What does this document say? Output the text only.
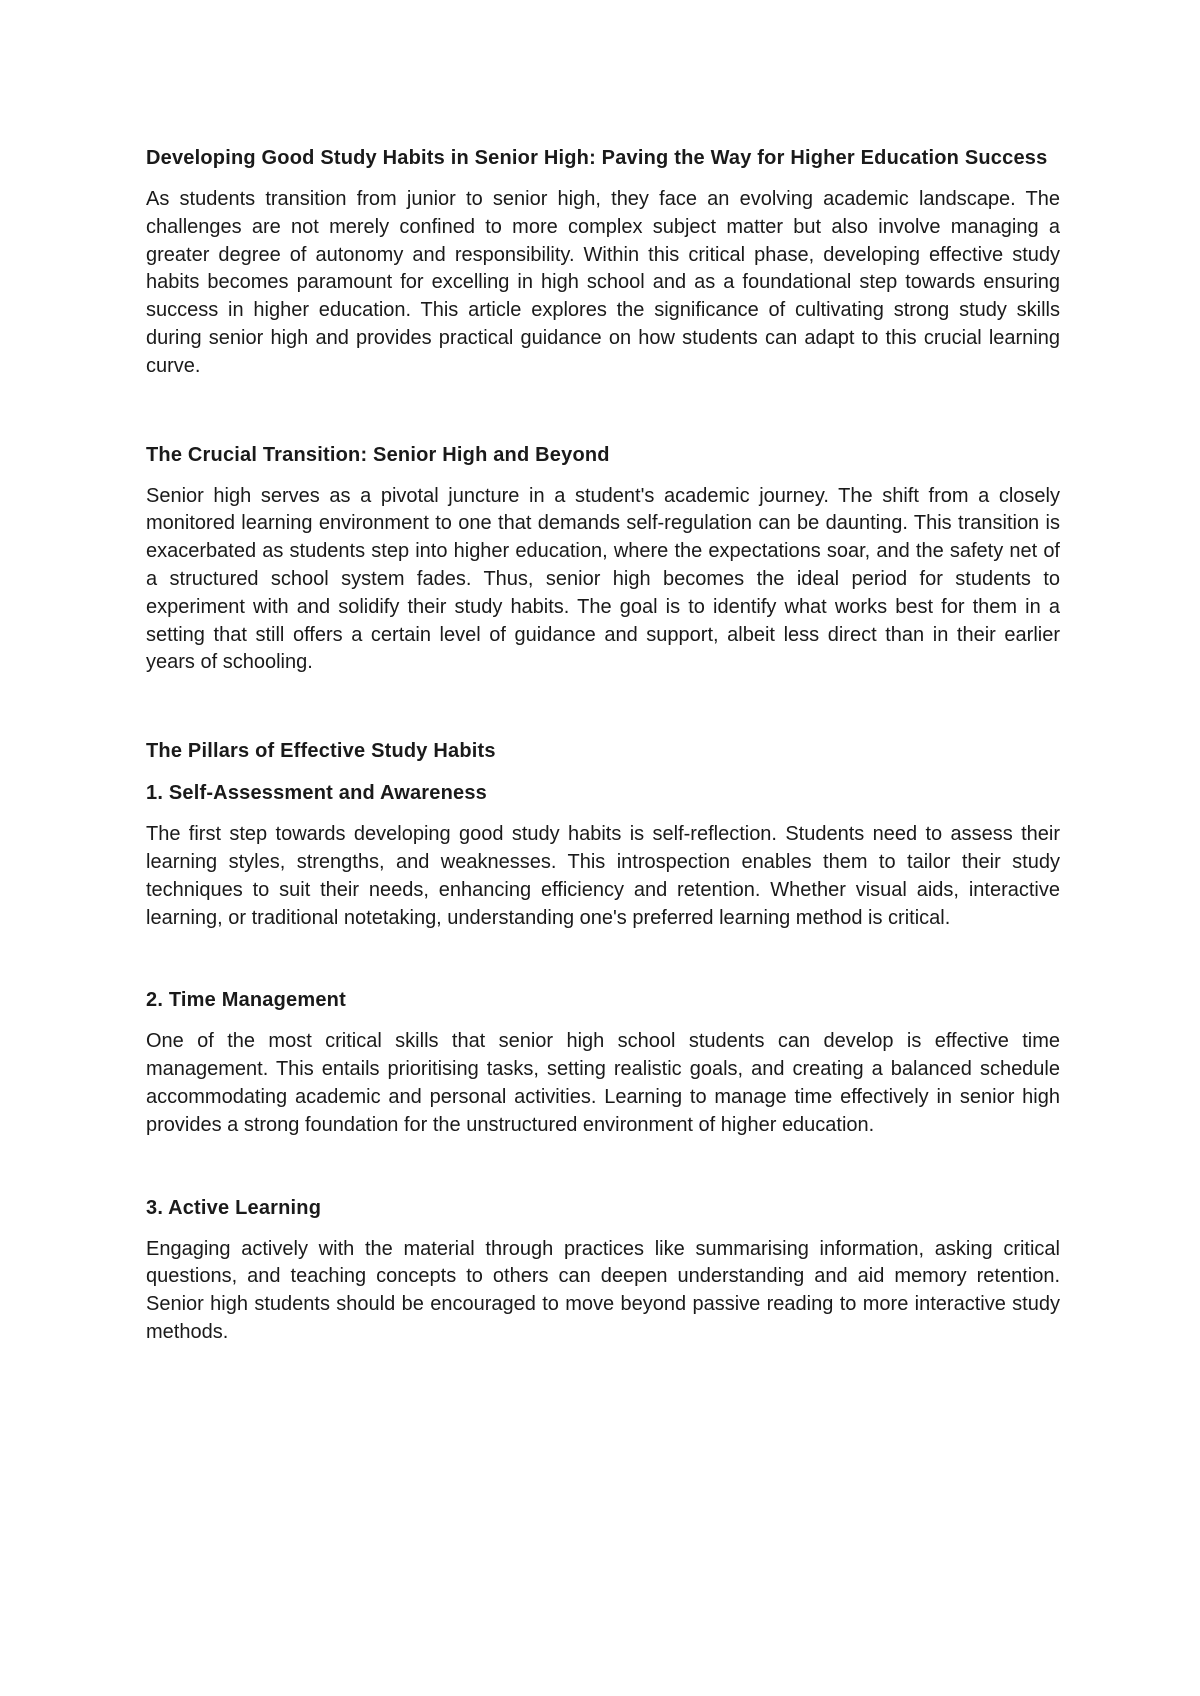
Developing Good Study Habits in Senior High: Paving the Way for Higher Education Success

As students transition from junior to senior high, they face an evolving academic landscape. The challenges are not merely confined to more complex subject matter but also involve managing a greater degree of autonomy and responsibility. Within this critical phase, developing effective study habits becomes paramount for excelling in high school and as a foundational step towards ensuring success in higher education. This article explores the significance of cultivating strong study skills during senior high and provides practical guidance on how students can adapt to this crucial learning curve.

The Crucial Transition: Senior High and Beyond

Senior high serves as a pivotal juncture in a student's academic journey. The shift from a closely monitored learning environment to one that demands self-regulation can be daunting. This transition is exacerbated as students step into higher education, where the expectations soar, and the safety net of a structured school system fades. Thus, senior high becomes the ideal period for students to experiment with and solidify their study habits. The goal is to identify what works best for them in a setting that still offers a certain level of guidance and support, albeit less direct than in their earlier years of schooling.

The Pillars of Effective Study Habits
1. Self-Assessment and Awareness

The first step towards developing good study habits is self-reflection. Students need to assess their learning styles, strengths, and weaknesses. This introspection enables them to tailor their study techniques to suit their needs, enhancing efficiency and retention. Whether visual aids, interactive learning, or traditional notetaking, understanding one's preferred learning method is critical.

2. Time Management

One of the most critical skills that senior high school students can develop is effective time management. This entails prioritising tasks, setting realistic goals, and creating a balanced schedule accommodating academic and personal activities. Learning to manage time effectively in senior high provides a strong foundation for the unstructured environment of higher education.

3. Active Learning

Engaging actively with the material through practices like summarising information, asking critical questions, and teaching concepts to others can deepen understanding and aid memory retention. Senior high students should be encouraged to move beyond passive reading to more interactive study methods.
